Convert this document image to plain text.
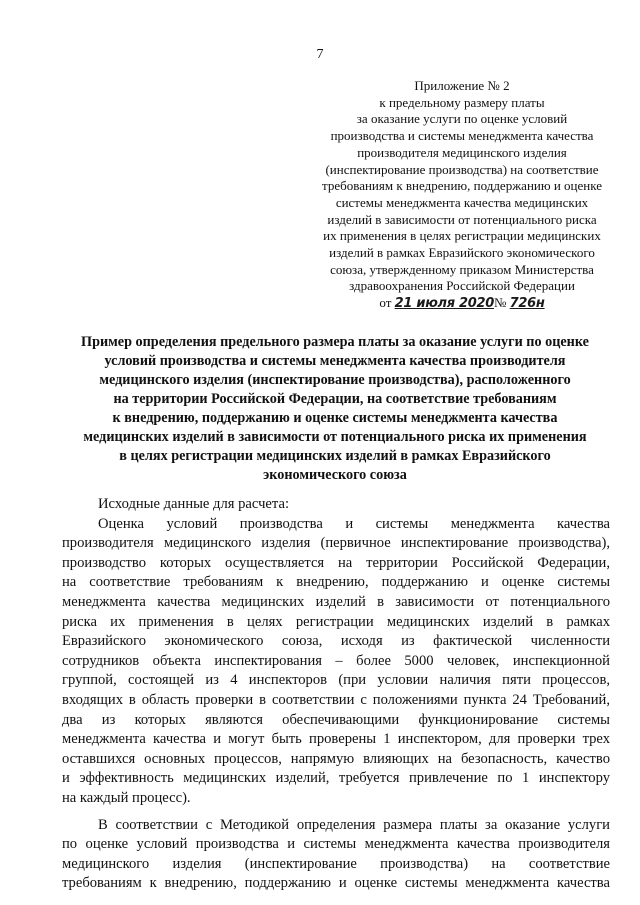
7
Приложение № 2
к предельному размеру платы
за оказание услуги по оценке условий
производства и системы менеджмента качества
производителя медицинского изделия
(инспектирование производства) на соответствие
требованиям к внедрению, поддержанию и оценке
системы менеджмента качества медицинских
изделий в зависимости от потенциального риска
их применения в целях регистрации медицинских
изделий в рамках Евразийского экономического
союза, утвержденному приказом Министерства
здравоохранения Российской Федерации
от 21 июля 2020№ 726н
Пример определения предельного размера платы за оказание услуги по оценке
условий производства и системы менеджмента качества производителя
медицинского изделия (инспектирование производства), расположенного
на территории Российской Федерации, на соответствие требованиям
к внедрению, поддержанию и оценке системы менеджмента качества
медицинских изделий в зависимости от потенциального риска их применения
в целях регистрации медицинских изделий в рамках Евразийского
экономического союза
Исходные данные для расчета:
Оценка условий производства и системы менеджмента качества
производителя медицинского изделия (первичное инспектирование производства),
производство которых осуществляется на территории Российской Федерации,
на соответствие требованиям к внедрению, поддержанию и оценке системы
менеджмента качества медицинских изделий в зависимости от потенциального
риска их применения в целях регистрации медицинских изделий в рамках
Евразийского экономического союза, исходя из фактической численности
сотрудников объекта инспектирования – более 5000 человек, инспекционной
группой, состоящей из 4 инспекторов (при условии наличия пяти процессов,
входящих в область проверки в соответствии с положениями пункта 24 Требований,
два из которых являются обеспечивающими функционирование системы
менеджмента качества и могут быть проверены 1 инспектором, для проверки трех
оставшихся основных процессов, напрямую влияющих на безопасность, качество
и эффективность медицинских изделий, требуется привлечение по 1 инспектору
на каждый процесс).
В соответствии с Методикой определения размера платы за оказание услуги
по оценке условий производства и системы менеджмента качества производителя
медицинского изделия (инспектирование производства) на соответствие
требованиям к внедрению, поддержанию и оценке системы менеджмента качества
